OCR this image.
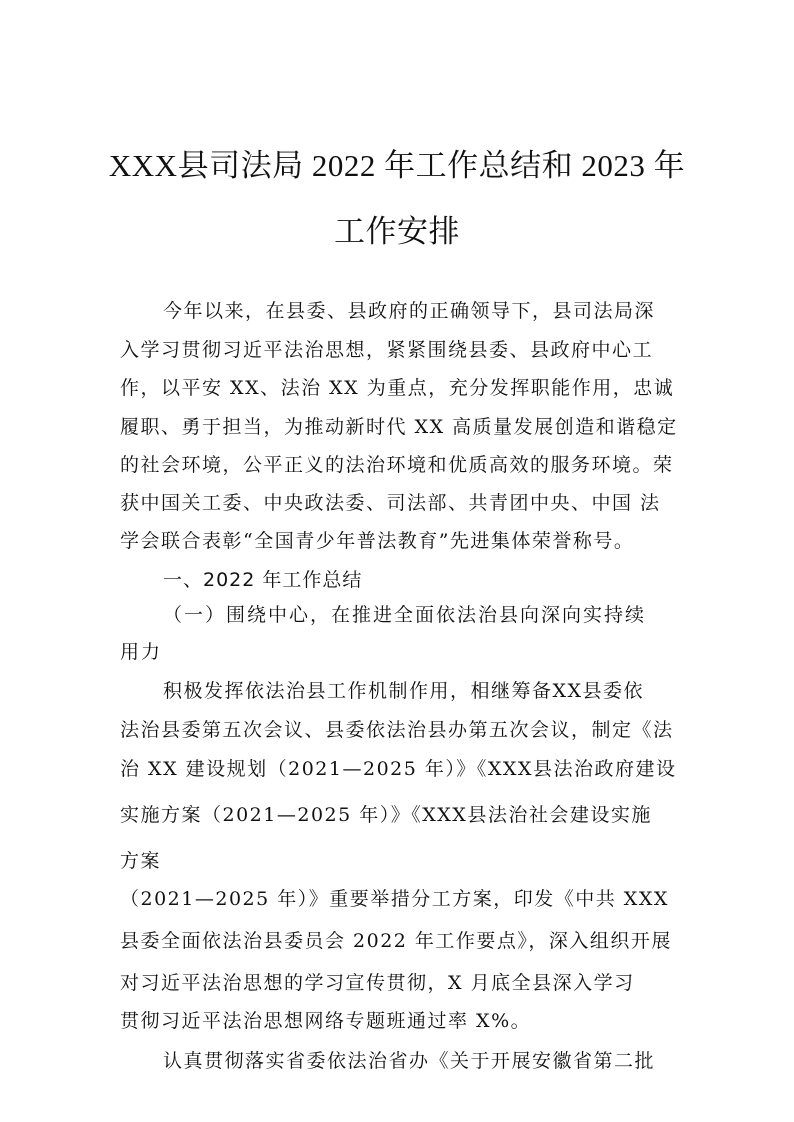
XXX县司法局 2022 年工作总结和 2023 年
工作安排
今年以来，在县委、县政府的正确领导下，县司法局深
入学习贯彻习近平法治思想，紧紧围绕县委、县政府中心工
作，以平安 XX、法治 XX 为重点，充分发挥职能作用，忠诚
履职、勇于担当，为推动新时代 XX 高质量发展创造和谐稳定
的社会环境，公平正义的法治环境和优质高效的服务环境。荣
获中国关工委、中央政法委、司法部、共青团中央、中国 法
学会联合表彰“全国青少年普法教育”先进集体荣誉称号。
一、2022 年工作总结
（一）围绕中心，在推进全面依法治县向深向实持续
用力
积极发挥依法治县工作机制作用，相继筹备XX县委依
法治县委第五次会议、县委依法治县办第五次会议，制定《法
治 XX 建设规划（2021—2025 年）》《XXX县法治政府建设
实施方案（2021—2025 年）》《XXX县法治社会建设实施
方案
（2021—2025 年）》重要举措分工方案，印发《中共 XXX
县委全面依法治县委员会 2022 年工作要点》，深入组织开展
对习近平法治思想的学习宣传贯彻，X 月底全县深入学习
贯彻习近平法治思想网络专题班通过率 X%。
认真贯彻落实省委依法治省办《关于开展安徽省第二批
